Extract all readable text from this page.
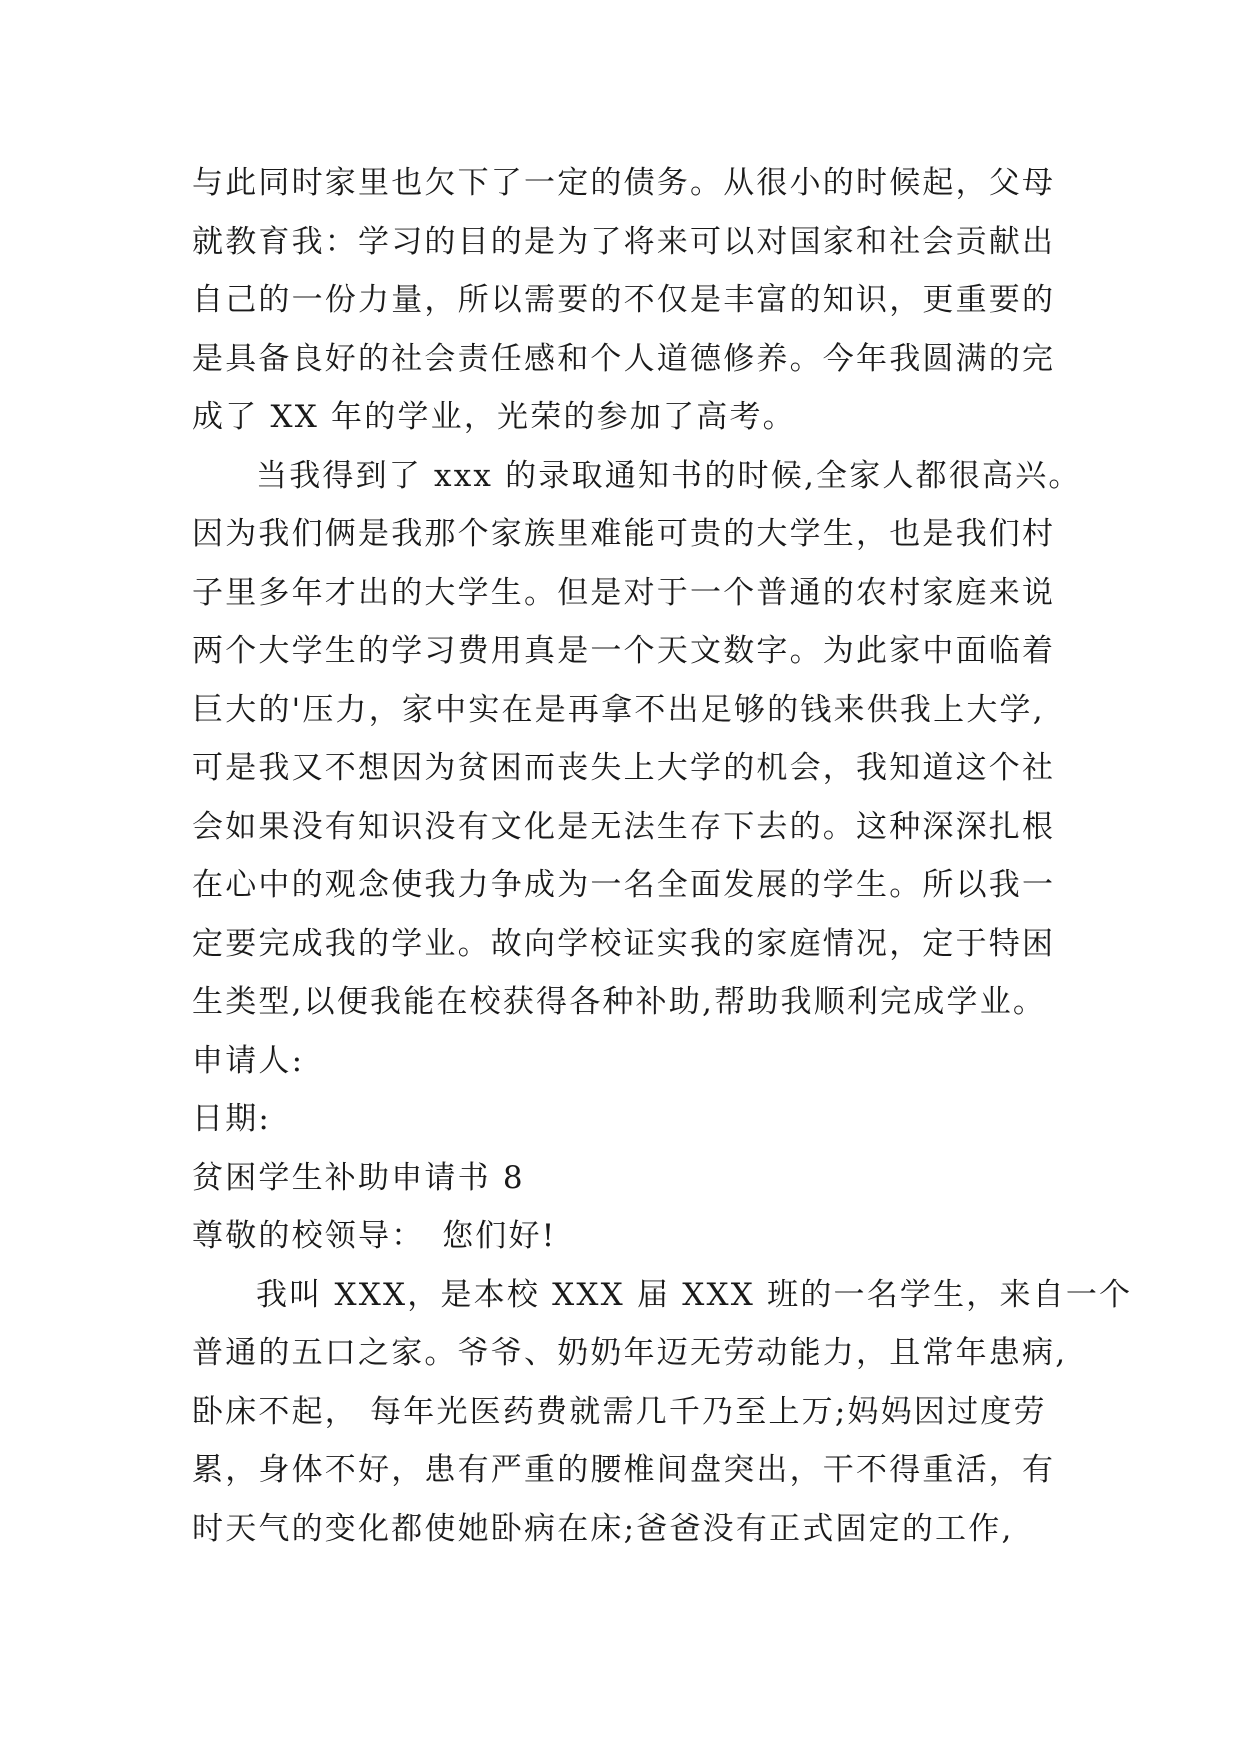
与此同时家里也欠下了一定的债务。从很小的时候起，父母
就教育我：学习的目的是为了将来可以对国家和社会贡献出
自己的一份力量，所以需要的不仅是丰富的知识，更重要的
是具备良好的社会责任感和个人道德修养。今年我圆满的完
成了 XX 年的学业，光荣的参加了高考。
当我得到了 xxx 的录取通知书的时候,全家人都很高兴。
因为我们俩是我那个家族里难能可贵的大学生，也是我们村
子里多年才出的大学生。但是对于一个普通的农村家庭来说
两个大学生的学习费用真是一个天文数字。为此家中面临着
巨大的'压力，家中实在是再拿不出足够的钱来供我上大学,
可是我又不想因为贫困而丧失上大学的机会，我知道这个社
会如果没有知识没有文化是无法生存下去的。这种深深扎根
在心中的观念使我力争成为一名全面发展的学生。所以我一
定要完成我的学业。故向学校证实我的家庭情况，定于特困
生类型,以便我能在校获得各种补助,帮助我顺利完成学业。
申请人:
日期:
贫困学生补助申请书 8
尊敬的校领导：　您们好!
我叫 XXX，是本校 XXX 届 XXX 班的一名学生，来自一个
普通的五口之家。爷爷、奶奶年迈无劳动能力，且常年患病,
卧床不起， 每年光医药费就需几千乃至上万;妈妈因过度劳
累，身体不好，患有严重的腰椎间盘突出，干不得重活，有
时天气的变化都使她卧病在床;爸爸没有正式固定的工作,
